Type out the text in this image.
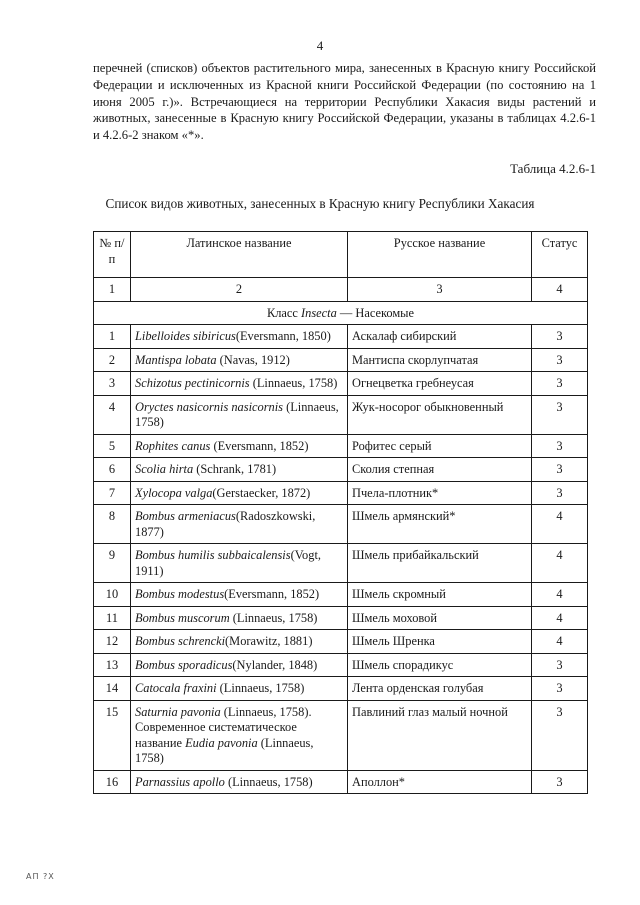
4

перечней (списков) объектов растительного мира, занесенных в Красную книгу Российской Федерации и исключенных из Красной книги Российской Федерации (по состоянию на 1 июня 2005 г.)». Встречающиеся на территории Республики Хакасия виды растений и животных, занесенные в Красную книгу Российской Федерации, указаны в таблицах 4.2.6-1 и 4.2.6-2 знаком «*».

Таблица 4.2.6-1
Список видов животных, занесенных в Красную книгу Республики Хакасия
№ п/п	Латинское название	Русское название	Статус
1	2	3	4
Класс Insecta — Насекомые			
1	Libelloides sibiricus(Eversmann, 1850)	Аскалаф сибирский	3
2	Mantispa lobata (Navas, 1912)	Мантиспа скорлупчатая	3
3	Schizotus pectinicornis (Linnaeus, 1758)	Огнецветка гребнеусая	3
4	Oryctes nasicornis nasicornis (Linnaeus, 1758)	Жук-носорог обыкновенный	3
5	Rophites canus (Eversmann, 1852)	Рофитес серый	3
6	Scolia hirta (Schrank, 1781)	Сколия степная	3
7	Xylocopa valga(Gerstaecker, 1872)	Пчела-плотник*	3
8	Bombus armeniacus(Radoszkowski, 1877)	Шмель армянский*	4
9	Bombus humilis subbaicalensis(Vogt, 1911)	Шмель прибайкальский	4
10	Bombus modestus(Eversmann, 1852)	Шмель скромный	4
11	Bombus muscorum (Linnaeus, 1758)	Шмель моховой	4
12	Bombus schrencki(Morawitz, 1881)	Шмель Шренка	4
13	Bombus sporadicus(Nylander, 1848)	Шмель спорадикус	3
14	Catocala fraxini (Linnaeus, 1758)	Лента орденская голубая	3
15	Saturnia pavonia (Linnaeus, 1758). Современное систематическое название Eudia pavonia (Linnaeus, 1758)	Павлиний глаз малый ночной	3
16	Parnassius apollo (Linnaeus, 1758)	Аполлон*	3
АП ?Х
